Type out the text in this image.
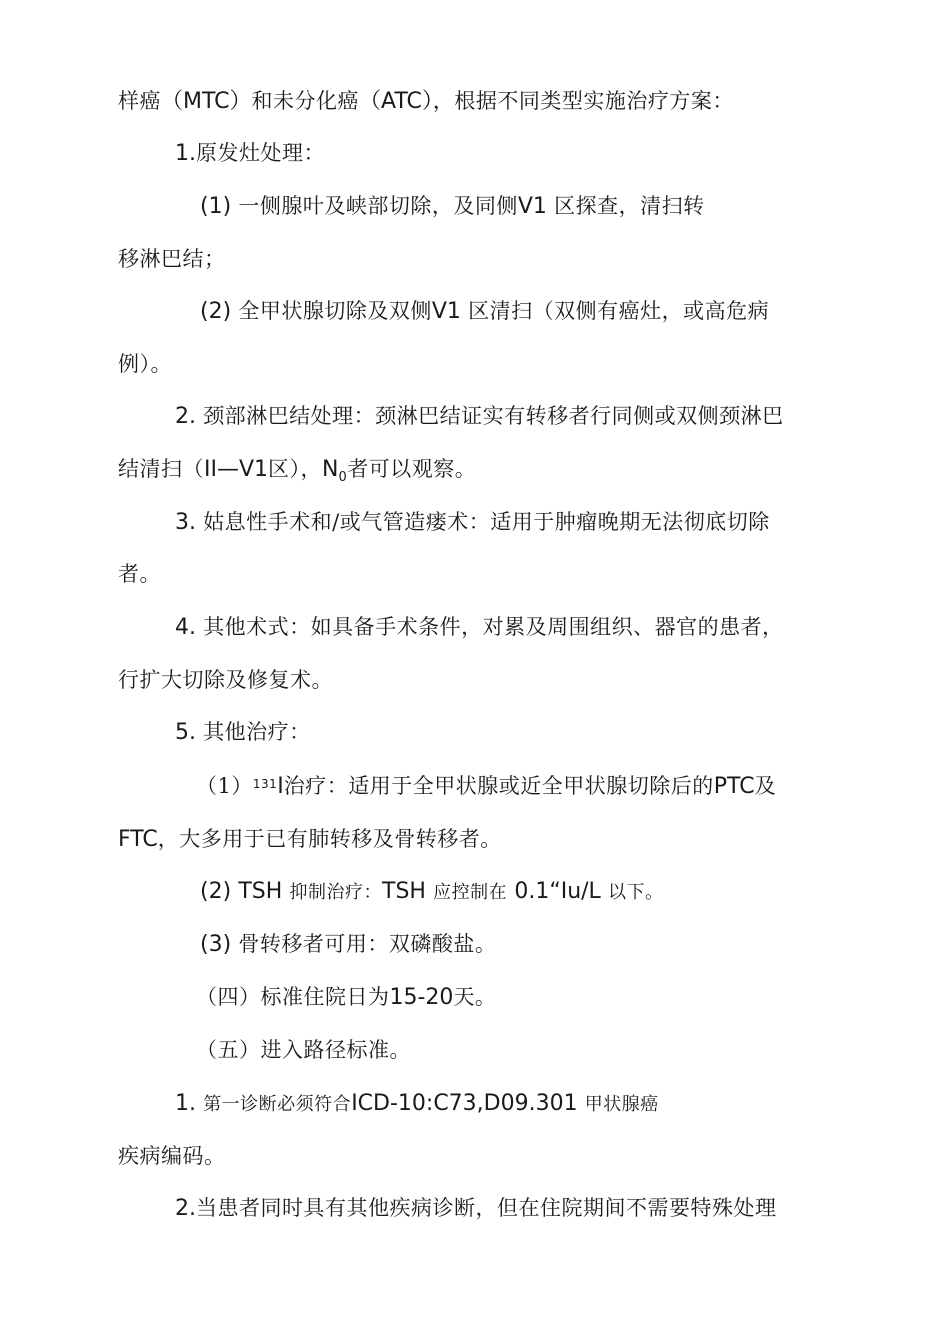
样癌（MTC）和未分化癌（ATC），根据不同类型实施治疗方案：
1.原发灶处理：
(1) 一侧腺叶及峡部切除，及同侧V1 区探查，清扫转
移淋巴结；
(2) 全甲状腺切除及双侧V1 区清扫（双侧有癌灶，或高危病
例）。
2. 颈部淋巴结处理：颈淋巴结证实有转移者行同侧或双侧颈淋巴
结清扫（II—V1区），$N_0$者可以观察。
3. 姑息性手术和/或气管造瘘术：适用于肿瘤晚期无法彻底切除
者。
4. 其他术式：如具备手术条件，对累及周围组织、器官的患者，
行扩大切除及修复术。
5. 其他治疗：
$(1)^{131}I$治疗：适用于全甲状腺或近全甲状腺切除后的PTC及
FTC，大多用于已有肺转移及骨转移者。
(2) TSH 抑制治疗：TSH 应控制在 0.1“Iu/L 以下。
(3) 骨转移者可用：双磷酸盐。
（四）标准住院日为15-20天。
（五）进入路径标准。
1. 第一诊断必须符合ICD-10:C73,D09.301 甲状腺癌
疾病编码。
2.当患者同时具有其他疾病诊断，但在住院期间不需要特殊处理
